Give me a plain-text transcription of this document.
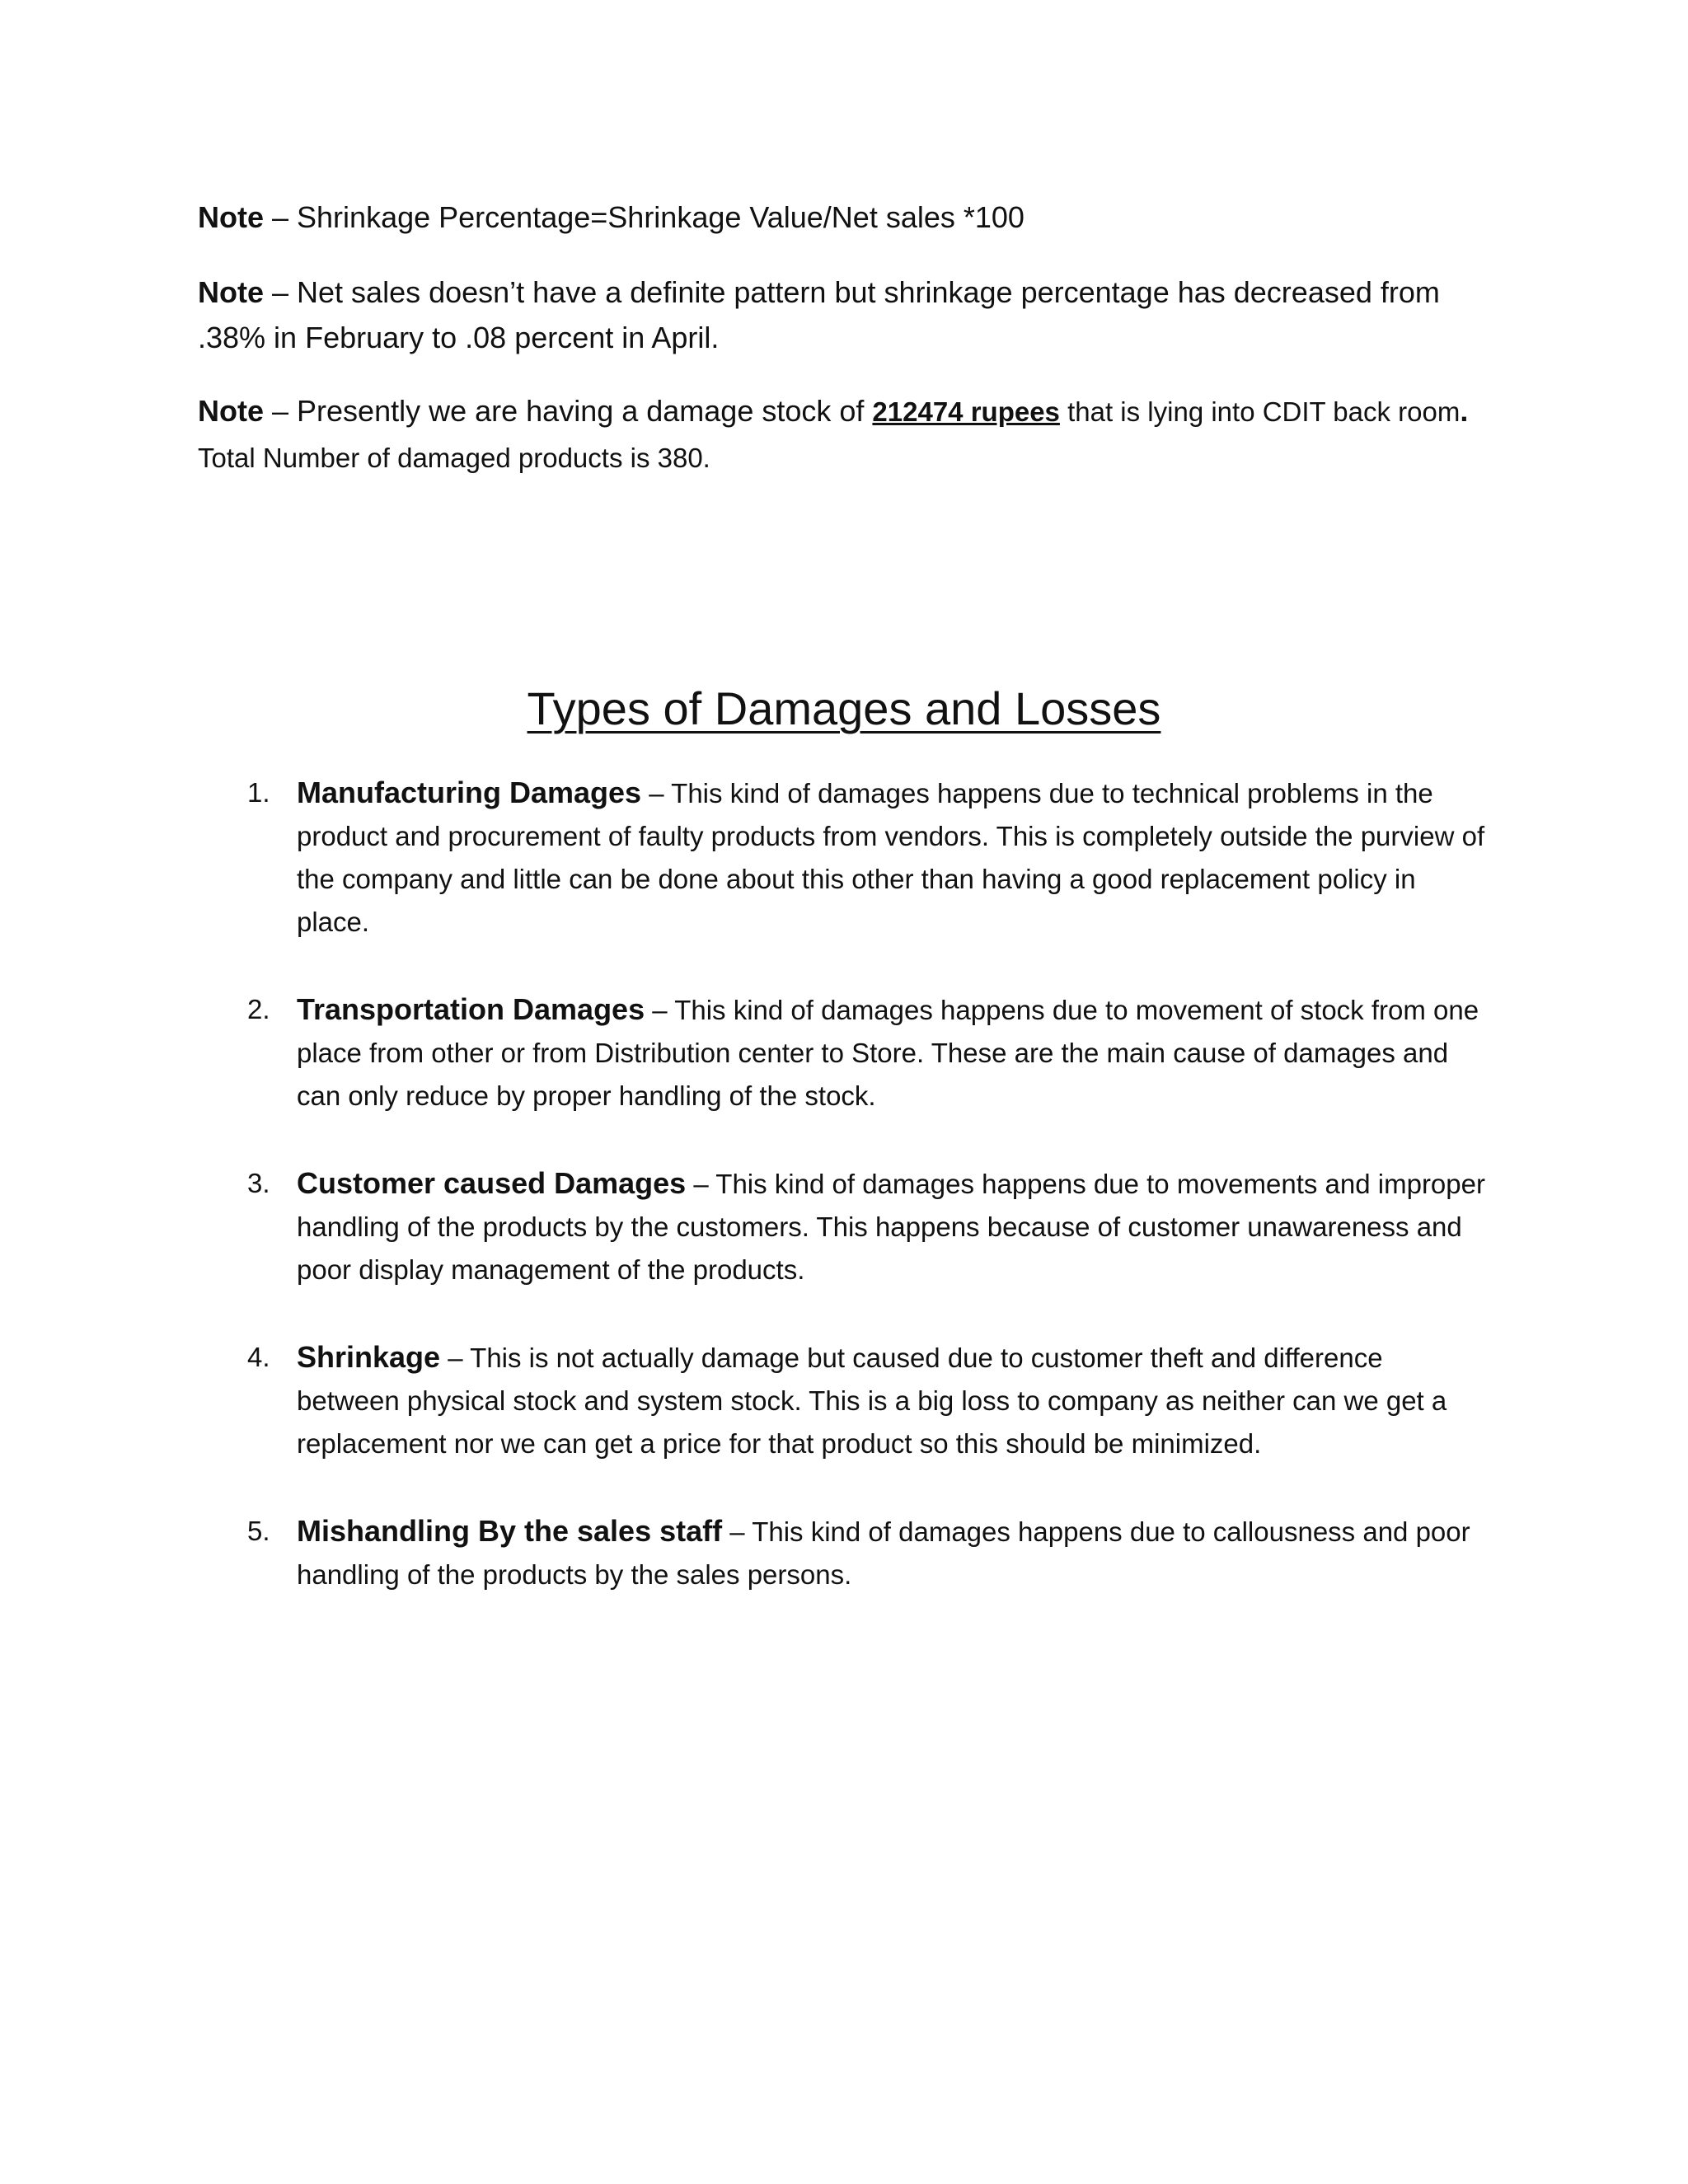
Note – Shrinkage Percentage=Shrinkage Value/Net sales *100

Note – Net sales doesn’t have a definite pattern but shrinkage percentage has decreased from .38% in February to .08 percent in April.

Note – Presently we are having a damage stock of 212474 rupees that is lying into CDIT back room.
Total Number of damaged products is 380.

Types of Damages and Losses
1. Manufacturing Damages – This kind of damages happens due to technical problems in the product and procurement of faulty products from vendors. This is completely outside the purview of the company and little can be done about this other than having a good replacement policy in place.
2. Transportation Damages – This kind of damages happens due to movement of stock from one place from other or from Distribution center to Store. These are the main cause of damages and can only reduce by proper handling of the stock.
3. Customer caused Damages – This kind of damages happens due to movements and improper handling of the products by the customers. This happens because of customer unawareness and poor display management of the products.
4. Shrinkage – This is not actually damage but caused due to customer theft and difference between physical stock and system stock. This is a big loss to company as neither can we get a replacement nor we can get a price for that product so this should be minimized.
5. Mishandling By the sales staff – This kind of damages happens due to callousness and poor handling of the products by the sales persons.
